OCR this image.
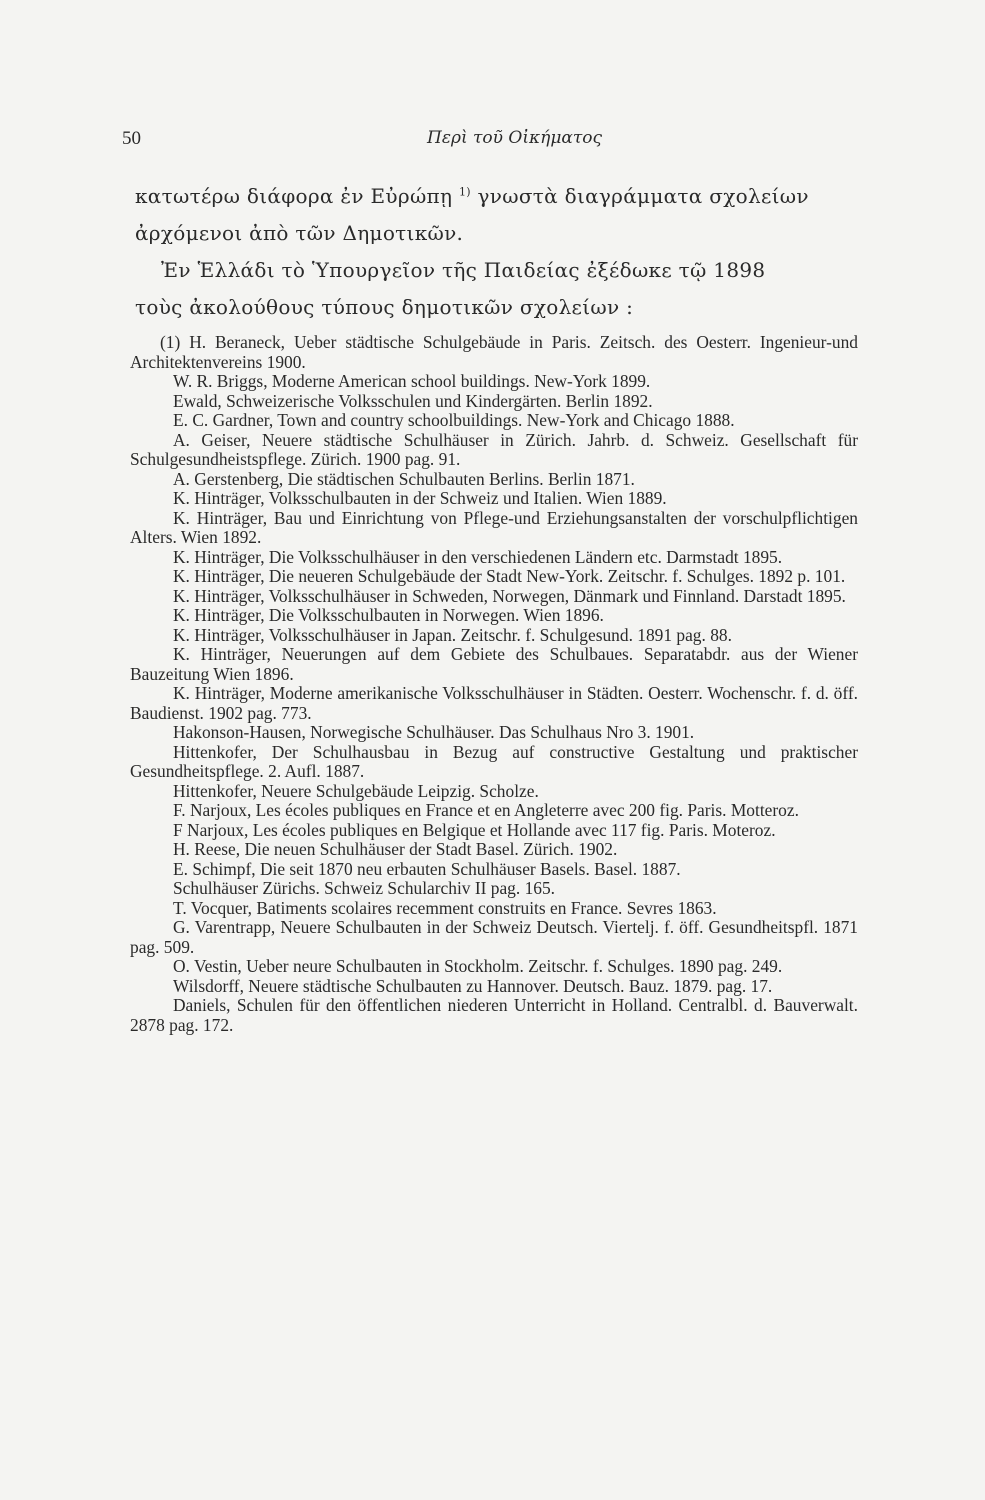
50	Περὶ τοῦ Οἰκήματος

κατωτέρω διάφορα ἐν Εὐρώπῃ $^{1)}$ γνωστὰ διαγράμματα σχολείων

ἀρχόμενοι ἀπὸ τῶν Δημοτικῶν.

Ἐν Ἑλλάδι τὸ Ὑπουργεῖον τῆς Παιδείας ἐξέδωκε τῷ 1898

τοὺς ἀκολούθους τύπους δημοτικῶν σχολείων :

(1) H. Beraneck, Ueber städtische Schulgebäude in Paris. Zeitsch. des Oesterr. Ingenieur-und Architektenvereins 1900.

W. R. Briggs, Moderne American school buildings. New-York 1899.

Ewald, Schweizerische Volksschulen und Kindergärten. Berlin 1892.

E. C. Gardner, Town and country schoolbuildings. New-York and Chicago 1888.

A. Geiser, Neuere städtische Schulhäuser in Zürich. Jahrb. d. Schweiz. Gesellschaft für Schulgesundheistspflege. Zürich. 1900 pag. 91.

A. Gerstenberg, Die städtischen Schulbauten Berlins. Berlin 1871.

K. Hinträger, Volksschulbauten in der Schweiz und Italien. Wien 1889.

K. Hinträger, Bau und Einrichtung von Pflege-und Erziehungsanstalten der vorschulpflichtigen Alters. Wien 1892.

K. Hinträger, Die Volksschulhäuser in den verschiedenen Ländern etc. Darmstadt 1895.

K. Hinträger, Die neueren Schulgebäude der Stadt New-York. Zeitschr. f. Schulges. 1892 p. 101.

K. Hinträger, Volksschulhäuser in Schweden, Norwegen, Dänmark und Finnland. Darstadt 1895.

K. Hinträger, Die Volksschulbauten in Norwegen. Wien 1896.

K. Hinträger, Volksschulhäuser in Japan. Zeitschr. f. Schulgesund. 1891 pag. 88.

K. Hinträger, Neuerungen auf dem Gebiete des Schulbaues. Separatabdr. aus der Wiener Bauzeitung Wien 1896.

K. Hinträger, Moderne amerikanische Volksschulhäuser in Städten. Oesterr. Wochenschr. f. d. öff. Baudienst. 1902 pag. 773.

Hakonson-Hausen, Norwegische Schulhäuser. Das Schulhaus Nro 3. 1901.

Hittenkofer, Der Schulhausbau in Bezug auf constructive Gestaltung und praktischer Gesundheitspflege. 2. Aufl. 1887.

Hittenkofer, Neuere Schulgebäude Leipzig. Scholze.

F. Narjoux, Les écoles publiques en France et en Angleterre avec 200 fig. Paris. Motteroz.

F Narjoux, Les écoles publiques en Belgique et Hollande avec 117 fig. Paris. Moteroz.

H. Reese, Die neuen Schulhäuser der Stadt Basel. Zürich. 1902.

E. Schimpf, Die seit 1870 neu erbauten Schulhäuser Basels. Basel. 1887.

Schulhäuser Zürichs. Schweiz Schularchiv II pag. 165.

T. Vocquer, Batiments scolaires recemment construits en France. Sevres 1863.

G. Varentrapp, Neuere Schulbauten in der Schweiz Deutsch. Viertelj. f. öff. Gesundheitspfl. 1871 pag. 509.

O. Vestin, Ueber neure Schulbauten in Stockholm. Zeitschr. f. Schulges. 1890 pag. 249.

Wilsdorff, Neuere städtische Schulbauten zu Hannover. Deutsch. Bauz. 1879. pag. 17.

Daniels, Schulen für den öffentlichen niederen Unterricht in Holland. Centralbl. d. Bauverwalt. 2878 pag. 172.
